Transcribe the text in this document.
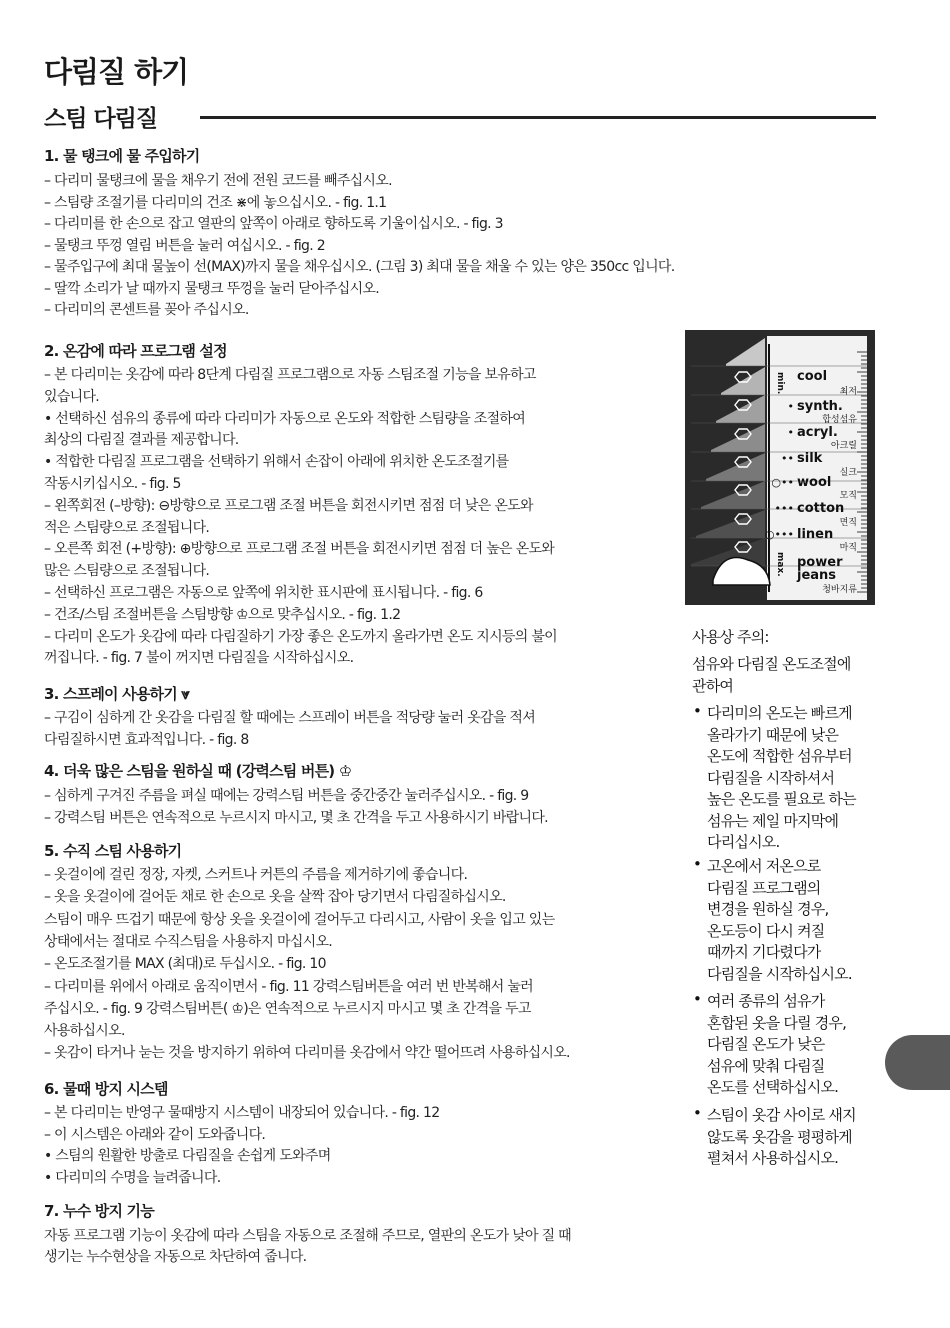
다림질 하기
스팀 다림질
1. 물 탱크에 물 주입하기
– 다리미 물탱크에 물을 채우기 전에 전원 코드를 빼주십시오.
– 스팀량 조절기를 다리미의 건조 ⋇에 놓으십시오. - fig. 1.1
– 다리미를 한 손으로 잡고 열판의 앞쪽이 아래로 향하도록 기울이십시오. - fig. 3
– 물탱크 뚜껑 열림 버튼을 눌러 여십시오. - fig. 2
– 물주입구에 최대 물높이 선(MAX)까지 물을 채우십시오. (그림 3) 최대 물을 채울 수 있는 양은 350cc 입니다.
– 딸깍 소리가 날 때까지 물탱크 뚜껑을 눌러 닫아주십시오.
– 다리미의 콘센트를 꽂아 주십시오.
2. 온감에 따라 프로그램 설정
– 본 다리미는 옷감에 따라 8단계 다림질 프로그램으로 자동 스팀조절 기능을 보유하고
있습니다.
• 선택하신 섬유의 종류에 따라 다리미가 자동으로 온도와 적합한 스팀량을 조절하여
최상의 다림질 결과를 제공합니다.
• 적합한 다림질 프로그램을 선택하기 위해서 손잡이 아래에 위치한 온도조절기를
작동시키십시오. - fig. 5
– 왼쪽회전 (–방향): ⊖방향으로 프로그램 조절 버튼을 회전시키면 점점 더 낮은 온도와
적은 스팀량으로 조절됩니다.
– 오른쪽 회전 (+방향): ⊕방향으로 프로그램 조절 버튼을 회전시키면 점점 더 높은 온도와
많은 스팀량으로 조절됩니다.
– 선택하신 프로그램은 자동으로 앞쪽에 위치한 표시판에 표시됩니다. - fig. 6
– 건조/스팀 조절버튼을 스팀방향 ♔으로 맞추십시오. - fig. 1.2
– 다리미 온도가 옷감에 따라 다림질하기 가장 좋은 온도까지 올라가면 온도 지시등의 불이
꺼집니다. - fig. 7 불이 꺼지면 다림질을 시작하십시오.
3. 스프레이 사용하기 ⩔
– 구김이 심하게 간 옷감을 다림질 할 때에는 스프레이 버튼을 적당량 눌러 옷감을 적셔
다림질하시면 효과적입니다. - fig. 8
4. 더욱 많은 스팀을 원하실 때 (강력스팀 버튼) ♔
– 심하게 구겨진 주름을 펴실 때에는 강력스팀 버튼을 중간중간 눌러주십시오. - fig. 9
– 강력스팀 버튼은 연속적으로 누르시지 마시고, 몇 초 간격을 두고 사용하시기 바랍니다.
5. 수직 스팀 사용하기
– 옷걸이에 걸린 정장, 자켓, 스커트나 커튼의 주름을 제거하기에 좋습니다.
– 옷을 옷걸이에 걸어둔 채로 한 손으로 옷을 살짝 잡아 당기면서 다림질하십시오.
스팀이 매우 뜨겁기 때문에 항상 옷을 옷걸이에 걸어두고 다리시고, 사람이 옷을 입고 있는
상태에서는 절대로 수직스팀을 사용하지 마십시오.
– 온도조절기를 MAX (최대)로 두십시오. - fig. 10
– 다리미를 위에서 아래로 움직이면서 - fig. 11 강력스팀버튼을 여러 번 반복해서 눌러
주십시오. - fig. 9 강력스팀버튼( ♔)은 연속적으로 누르시지 마시고 몇 초 간격을 두고
사용하십시오.
– 옷감이 타거나 눋는 것을 방지하기 위하여 다리미를 옷감에서 약간 떨어뜨려 사용하십시오.
6. 물때 방지 시스템
– 본 다리미는 반영구 물때방지 시스템이 내장되어 있습니다. - fig. 12
– 이 시스템은 아래와 같이 도와줍니다.
• 스팀의 원활한 방출로 다림질을 손쉽게 도와주며
• 다리미의 수명을 늘려줍니다.
7. 누수 방지 기능
자동 프로그램 기능이 옷감에 따라 스팀을 자동으로 조절해 주므로, 열판의 온도가 낮아 질 때
생기는 누수현상을 자동으로 차단하여 줍니다.
cool
최저
synth.
합성섬유
•
acryl.
아크릴
•
silk
실크
••
wool
모직
○••
cotton
면직
•••
linen
마직
○•••
power
jeans
청바지류
min.
max.
사용상 주의:
섬유와 다림질 온도조절에
관하여
• 다리미의 온도는 빠르게
올라가기 때문에 낮은
온도에 적합한 섬유부터
다림질을 시작하셔서
높은 온도를 필요로 하는
섬유는 제일 마지막에
다리십시오.
• 고온에서 저온으로
다림질 프로그램의
변경을 원하실 경우,
온도등이 다시 켜질
때까지 기다렸다가
다림질을 시작하십시오.
• 여러 종류의 섬유가
혼합된 옷을 다릴 경우,
다림질 온도가 낮은
섬유에 맞춰 다림질
온도를 선택하십시오.
• 스팀이 옷감 사이로 새지
않도록 옷감을 평평하게
펼쳐서 사용하십시오.
